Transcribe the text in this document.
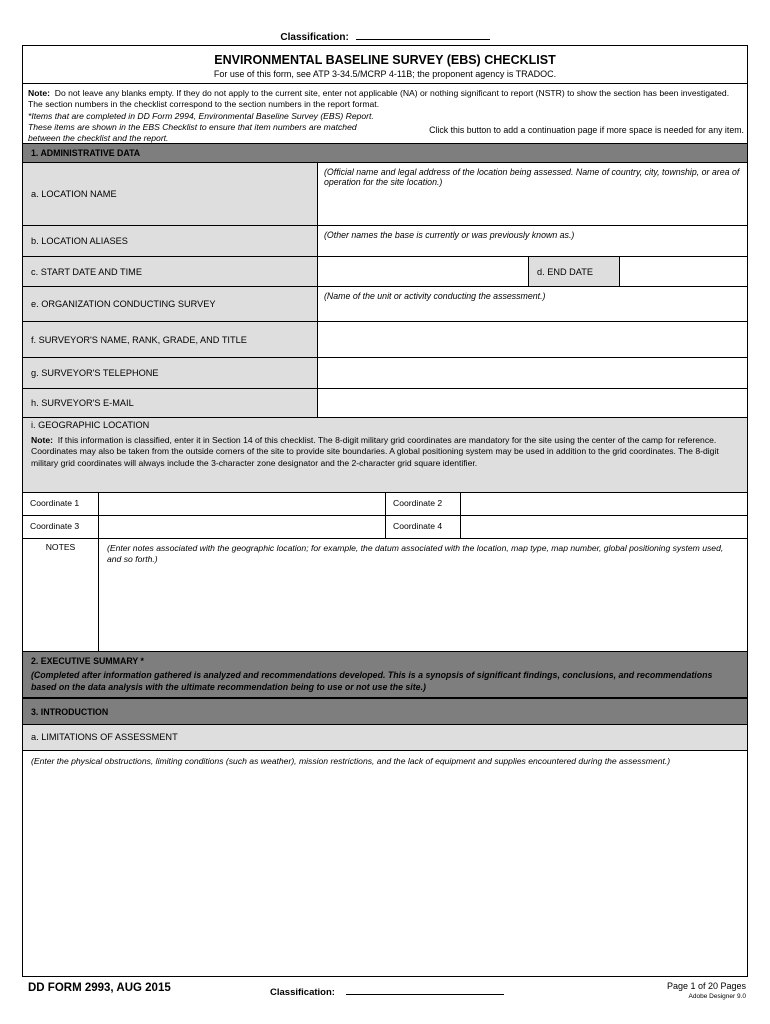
Classification:
ENVIRONMENTAL BASELINE SURVEY (EBS) CHECKLIST
For use of this form, see ATP 3-34.5/MCRP 4-11B; the proponent agency is TRADOC.
Note: Do not leave any blanks empty. If they do not apply to the current site, enter not applicable (NA) or nothing significant to report (NSTR) to show the section has been investigated. The section numbers in the checklist correspond to the section numbers in the report format.
*Items that are completed in DD Form 2994, Environmental Baseline Survey (EBS) Report. These items are shown in the EBS Checklist to ensure that item numbers are matched between the checklist and the report.
Click this button to add a continuation page if more space is needed for any item.
1. ADMINISTRATIVE DATA
a. LOCATION NAME
(Official name and legal address of the location being assessed. Name of country, city, township, or area of operation for the site location.)
b. LOCATION ALIASES
(Other names the base is currently or was previously known as.)
c. START DATE AND TIME	d. END DATE
e. ORGANIZATION CONDUCTING SURVEY
(Name of the unit or activity conducting the assessment.)
f. SURVEYOR'S NAME, RANK, GRADE, AND TITLE
g. SURVEYOR'S TELEPHONE
h. SURVEYOR'S E-MAIL
i. GEOGRAPHIC LOCATION
Note: If this information is classified, enter it in Section 14 of this checklist. The 8-digit military grid coordinates are mandatory for the site using the center of the camp for reference. Coordinates may also be taken from the outside corners of the site to provide site boundaries. A global positioning system may be used in addition to the grid coordinates. The 8-digit military grid coordinates will always include the 3-character zone designator and the 2-character grid square identifier.
Coordinate 1	Coordinate 2
Coordinate 3	Coordinate 4
NOTES	(Enter notes associated with the geographic location; for example, the datum associated with the location, map type, map number, global positioning system used, and so forth.)
2. EXECUTIVE SUMMARY *
(Completed after information gathered is analyzed and recommendations developed. This is a synopsis of significant findings, conclusions, and recommendations based on the data analysis with the ultimate recommendation being to use or not use the site.)
3. INTRODUCTION
a. LIMITATIONS OF ASSESSMENT
(Enter the physical obstructions, limiting conditions (such as weather), mission restrictions, and the lack of equipment and supplies encountered during the assessment.)
DD FORM 2993, AUG 2015	Classification:
Page 1 of 20 Pages
Adobe Designer 9.0
